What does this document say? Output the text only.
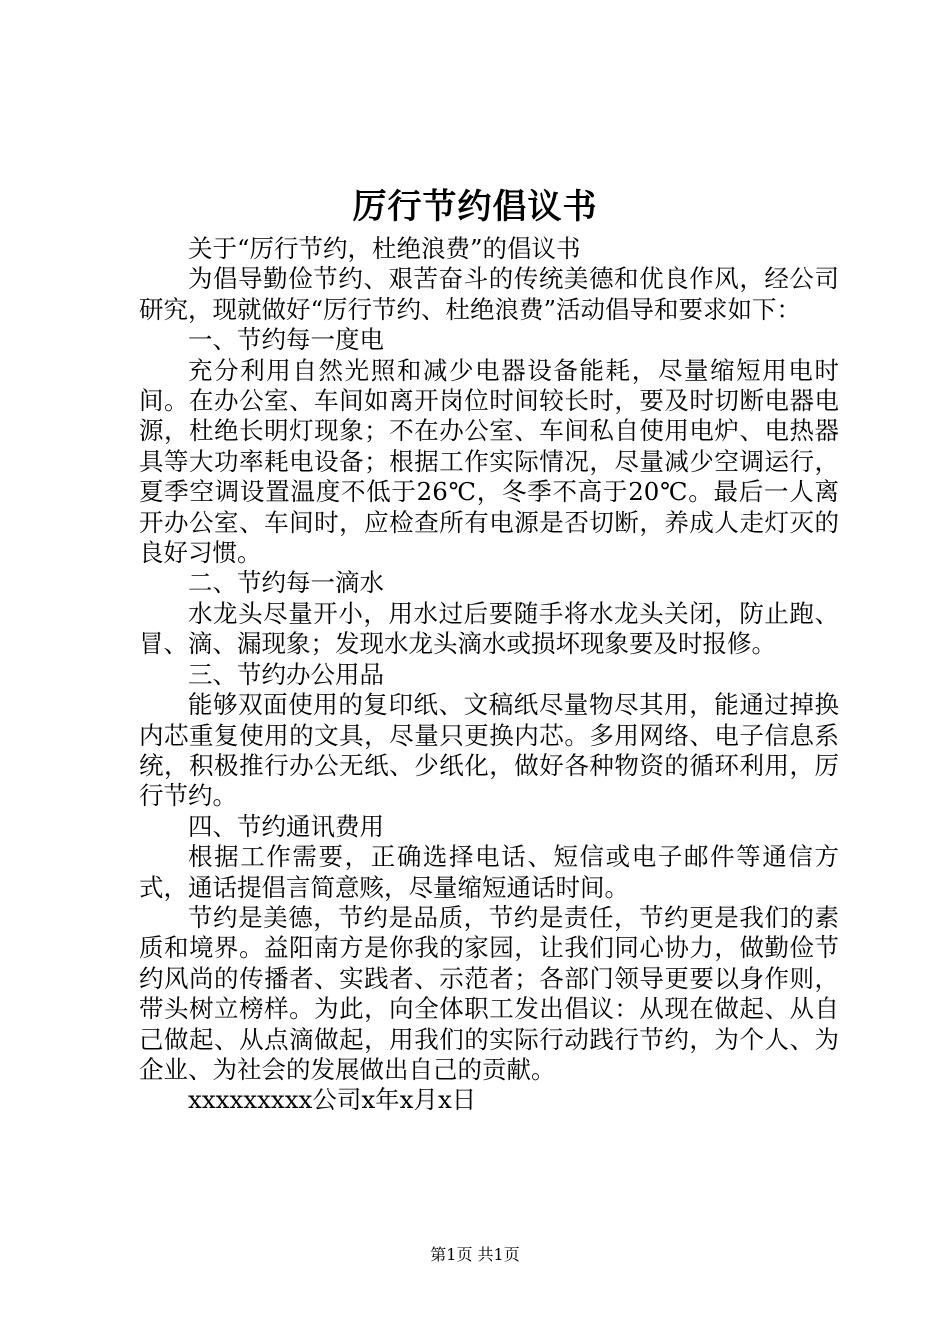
厉行节约倡议书

关于“厉行节约，杜绝浪费”的倡议书

为倡导勤俭节约、艰苦奋斗的传统美德和优良作风，经公司研究，现就做好“厉行节约、杜绝浪费”活动倡导和要求如下：

一、节约每一度电

充分利用自然光照和减少电器设备能耗，尽量缩短用电时间。在办公室、车间如离开岗位时间较长时，要及时切断电器电源，杜绝长明灯现象；不在办公室、车间私自使用电炉、电热器具等大功率耗电设备；根据工作实际情况，尽量减少空调运行，夏季空调设置温度不低于26℃，冬季不高于20℃。最后一人离开办公室、车间时，应检查所有电源是否切断，养成人走灯灭的良好习惯。

二、节约每一滴水

水龙头尽量开小，用水过后要随手将水龙头关闭，防止跑、冒、滴、漏现象；发现水龙头滴水或损坏现象要及时报修。

三、节约办公用品

能够双面使用的复印纸、文稿纸尽量物尽其用，能通过掉换内芯重复使用的文具，尽量只更换内芯。多用网络、电子信息系统，积极推行办公无纸、少纸化，做好各种物资的循环利用，厉行节约。

四、节约通讯费用

根据工作需要，正确选择电话、短信或电子邮件等通信方式，通话提倡言简意赅，尽量缩短通话时间。

节约是美德，节约是品质，节约是责任，节约更是我们的素质和境界。益阳南方是你我的家园，让我们同心协力，做勤俭节约风尚的传播者、实践者、示范者；各部门领导更要以身作则，带头树立榜样。为此，向全体职工发出倡议：从现在做起、从自己做起、从点滴做起，用我们的实际行动践行节约，为个人、为企业、为社会的发展做出自己的贡献。

xxxxxxxxx公司x年x月x日

第1页 共1页
